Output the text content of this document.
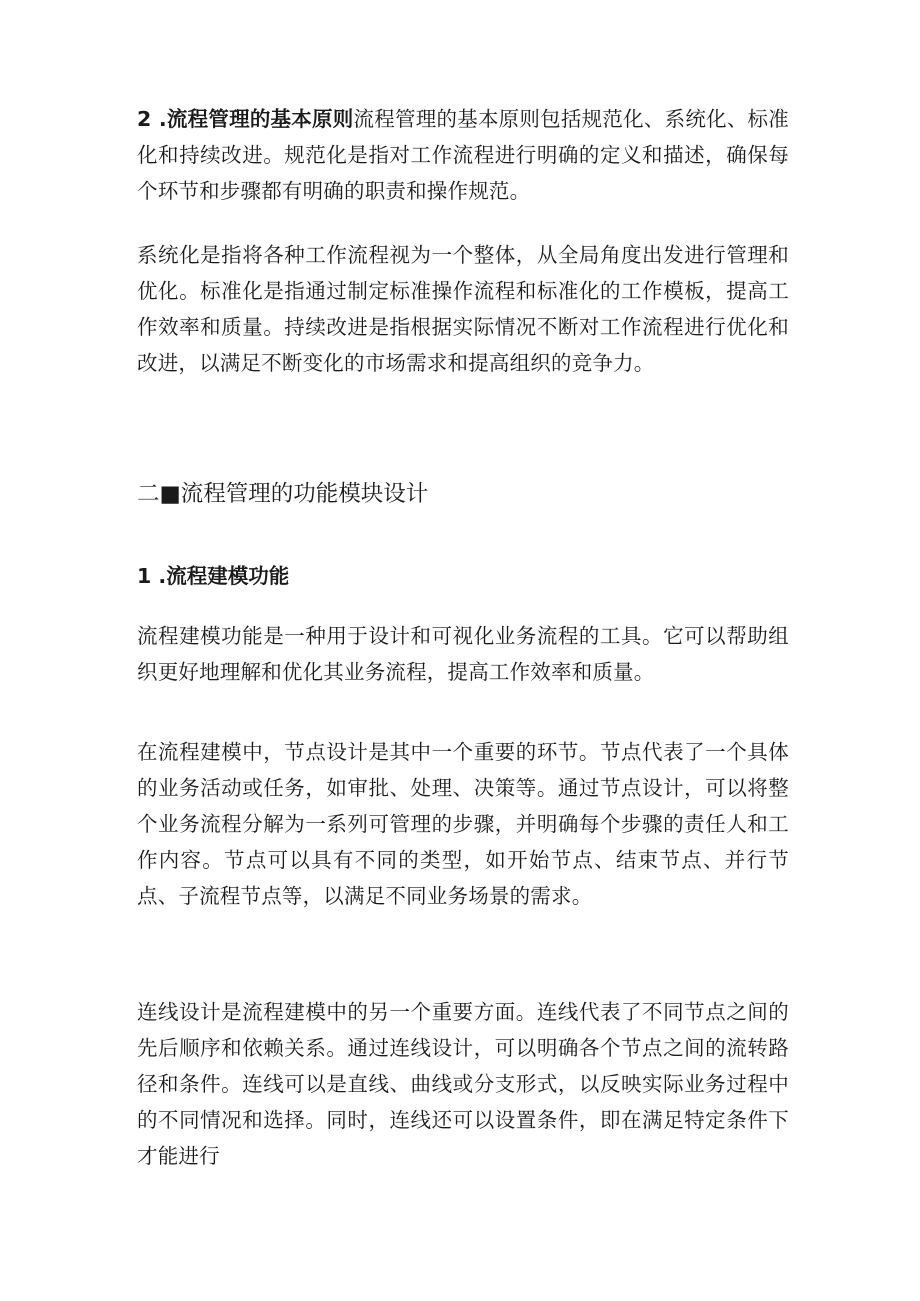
2 .流程管理的基本原则流程管理的基本原则包括规范化、系统化、标准化和持续改进。规范化是指对工作流程进行明确的定义和描述，确保每个环节和步骤都有明确的职责和操作规范。

系统化是指将各种工作流程视为一个整体，从全局角度出发进行管理和优化。标准化是指通过制定标准操作流程和标准化的工作模板，提高工作效率和质量。持续改进是指根据实际情况不断对工作流程进行优化和改进，以满足不断变化的市场需求和提高组织的竞争力。

二■流程管理的功能模块设计
1 .流程建模功能

流程建模功能是一种用于设计和可视化业务流程的工具。它可以帮助组织更好地理解和优化其业务流程，提高工作效率和质量。

在流程建模中，节点设计是其中一个重要的环节。节点代表了一个具体的业务活动或任务，如审批、处理、决策等。通过节点设计，可以将整个业务流程分解为一系列可管理的步骤，并明确每个步骤的责任人和工作内容。节点可以具有不同的类型，如开始节点、结束节点、并行节点、子流程节点等，以满足不同业务场景的需求。

连线设计是流程建模中的另一个重要方面。连线代表了不同节点之间的先后顺序和依赖关系。通过连线设计，可以明确各个节点之间的流转路径和条件。连线可以是直线、曲线或分支形式，以反映实际业务过程中的不同情况和选择。同时，连线还可以设置条件，即在满足特定条件下才能进行
